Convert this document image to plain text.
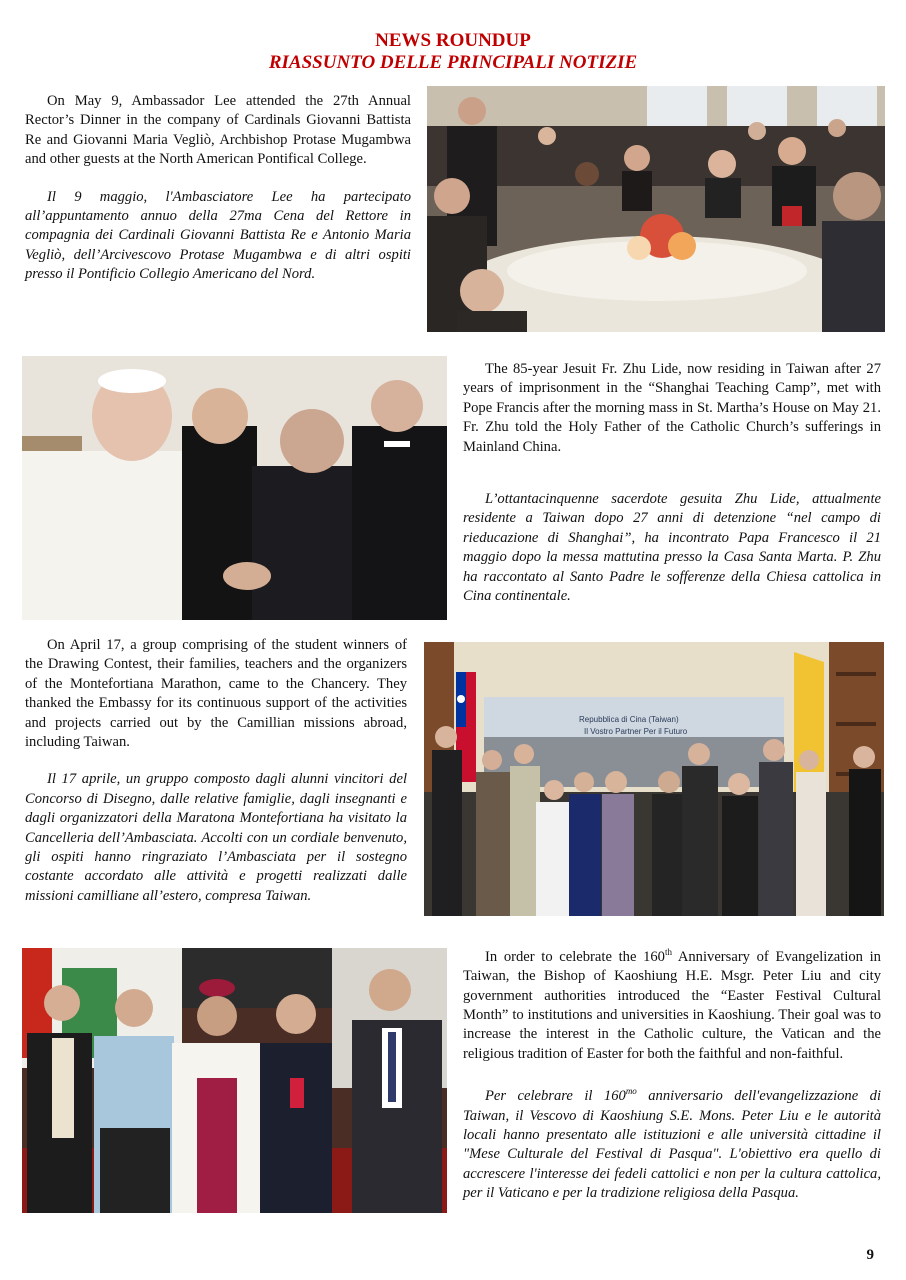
NEWS ROUNDUP
RIASSUNTO DELLE PRINCIPALI NOTIZIE

On May 9, Ambassador Lee attended the 27th Annual Rector’s Dinner in the company of Cardinals Giovanni Battista Re and Giovanni Maria Vegliò, Archbishop Protase Mugambwa and other guests at the North American Pontifical College.

Il 9 maggio, l'Ambasciatore Lee ha partecipato all’appuntamento annuo della 27ma Cena del Rettore in compagnia dei Cardinali Giovanni Battista Re e Antonio Maria Vegliò, dell’Arcivescovo Protase Mugambwa e di altri ospiti presso il Pontificio Collegio Americano del Nord.

The 85-year Jesuit Fr. Zhu Lide, now residing in Taiwan after 27 years of imprisonment in the “Shanghai Teaching Camp”, met with Pope Francis after the morning mass in St. Martha’s House on May 21. Fr. Zhu told the Holy Father of the Catholic Church’s sufferings in Mainland China.

L’ottantacinquenne sacerdote gesuita Zhu Lide, attualmente residente a Taiwan dopo 27 anni di detenzione “nel campo di rieducazione di Shanghai”, ha incontrato Papa Francesco il 21 maggio dopo la messa mattutina presso la Casa Santa Marta. P. Zhu ha raccontato al Santo Padre le sofferenze della Chiesa cattolica in Cina continentale.

On April 17, a group comprising of the student winners of the Drawing Contest, their families, teachers and the organizers of the Montefortiana Marathon, came to the Chancery. They thanked the Embassy for its continuous support of the activities and projects carried out by the Camillian missions abroad, including Taiwan.

Il 17 aprile, un gruppo composto dagli alunni vincitori del Concorso di Disegno, dalle relative famiglie, dagli insegnanti e dagli organizzatori della Maratona Montefortiana ha visitato la Cancelleria dell’Ambasciata. Accolti con un cordiale benvenuto, gli ospiti hanno ringraziato l’Ambasciata per il sostegno costante accordato alle attività e progetti realizzati dalle missioni camilliane all’estero, compresa Taiwan.

Repubblica di Cina (Taiwan)
Il Vostro Partner Per il Futuro

In order to celebrate the 160th Anniversary of Evangelization in Taiwan, the Bishop of Kaoshiung H.E. Msgr. Peter Liu and city government authorities introduced the “Easter Festival Cultural Month” to institutions and universities in Kaoshiung. Their goal was to increase the interest in the Catholic culture, the Vatican and the religious tradition of Easter for both the faithful and non-faithful.

Per celebrare il $160^{mo}$ anniversario dell'evangelizzazione di Taiwan, il Vescovo di Kaoshiung S.E. Mons. Peter Liu e le autorità locali hanno presentato alle istituzioni e alle università cittadine il "Mese Culturale del Festival di Pasqua". L'obiettivo era quello di accrescere l'interesse dei fedeli cattolici e non per la cultura cattolica, per il Vaticano e per la tradizione religiosa della Pasqua.

9
